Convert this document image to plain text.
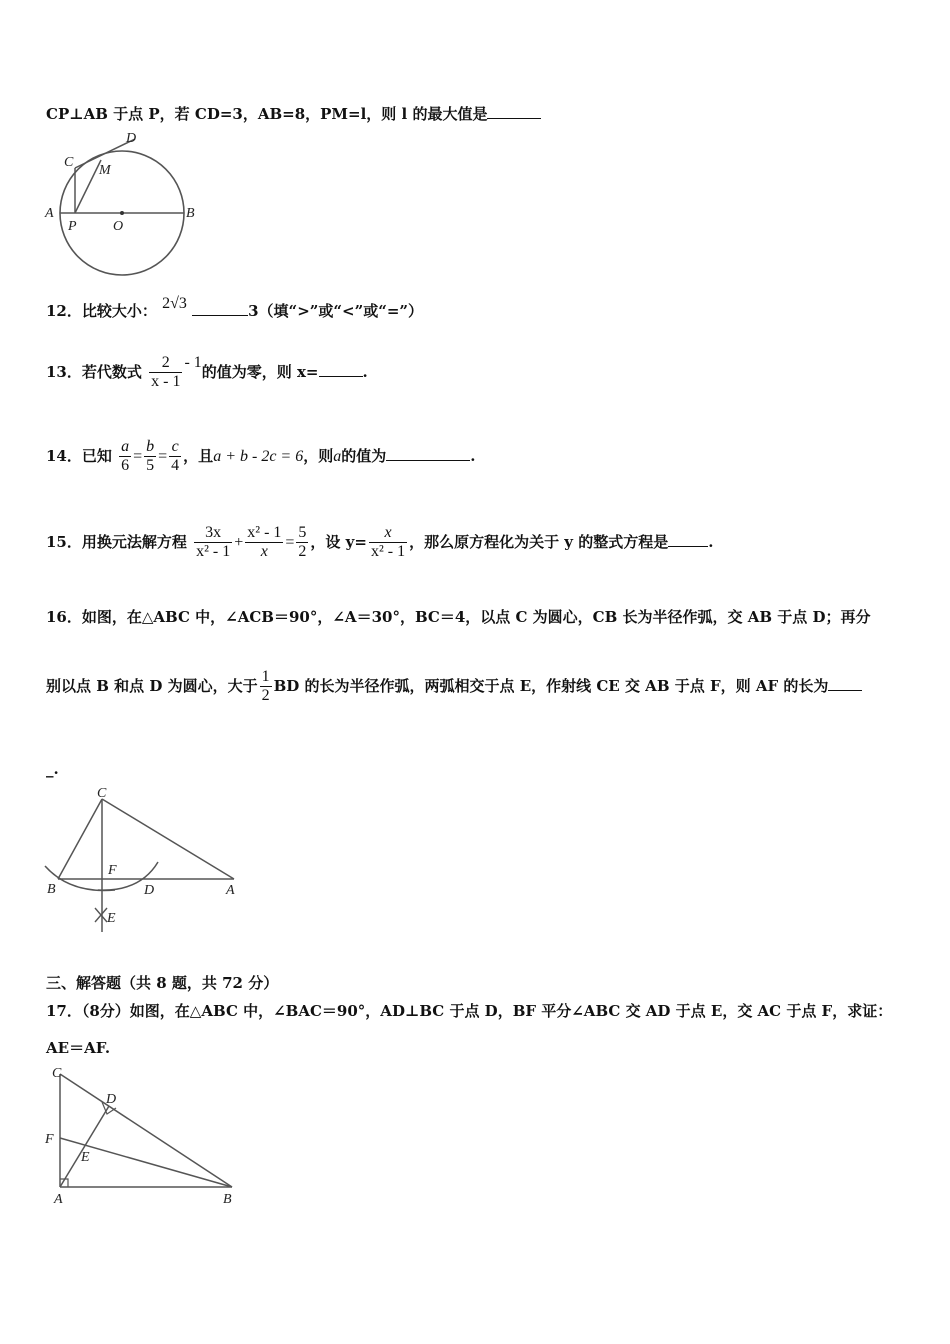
CP⊥AB 于点 P，若 CD=3，AB=8，PM=l，则 l 的最大值是
A	B
C
D
M
P	O
12．比较大小： 2√3	3（填“>”或“<”或“=”）
13．若代数式 $\frac{2}{x - 1} - 1$的值为零，则 x=	.
14．已知 $\frac{a}{6} = \frac{b}{5} = \frac{c}{4}$ ，且a + b - 2c = 6，则a的值为	.
15．用换元法解方程 $\frac{3x}{\text{x² - 1}} + \frac{\text{x² - 1}}{x} = \frac{5}{2}$ ，设 $y= \frac{x}{\text{x² - 1}}$ ，那么原方程化为关于 y 的整式方程是	.
16．如图，在△ABC 中，∠ACB＝90°，∠A＝30°，BC＝4，以点 C 为圆心，CB 长为半径作弧，交 AB 于点 D；再分
别以点 B 和点 D 为圆心，大于 $\frac{1}{2}$ BD 的长为半径作弧，两弧相交于点 E，作射线 CE 交 AB 于点 F，则 AF 的长为
_.
C
B
F
D	A
E
三、解答题（共 8 题，共 72 分）
17．（8分）如图，在△ABC 中，∠BAC＝90°，AD⊥BC 于点 D，BF 平分∠ABC 交 AD 于点 E，交 AC 于点 F，求证：
AE＝AF.
C
D
F
E
A	B
